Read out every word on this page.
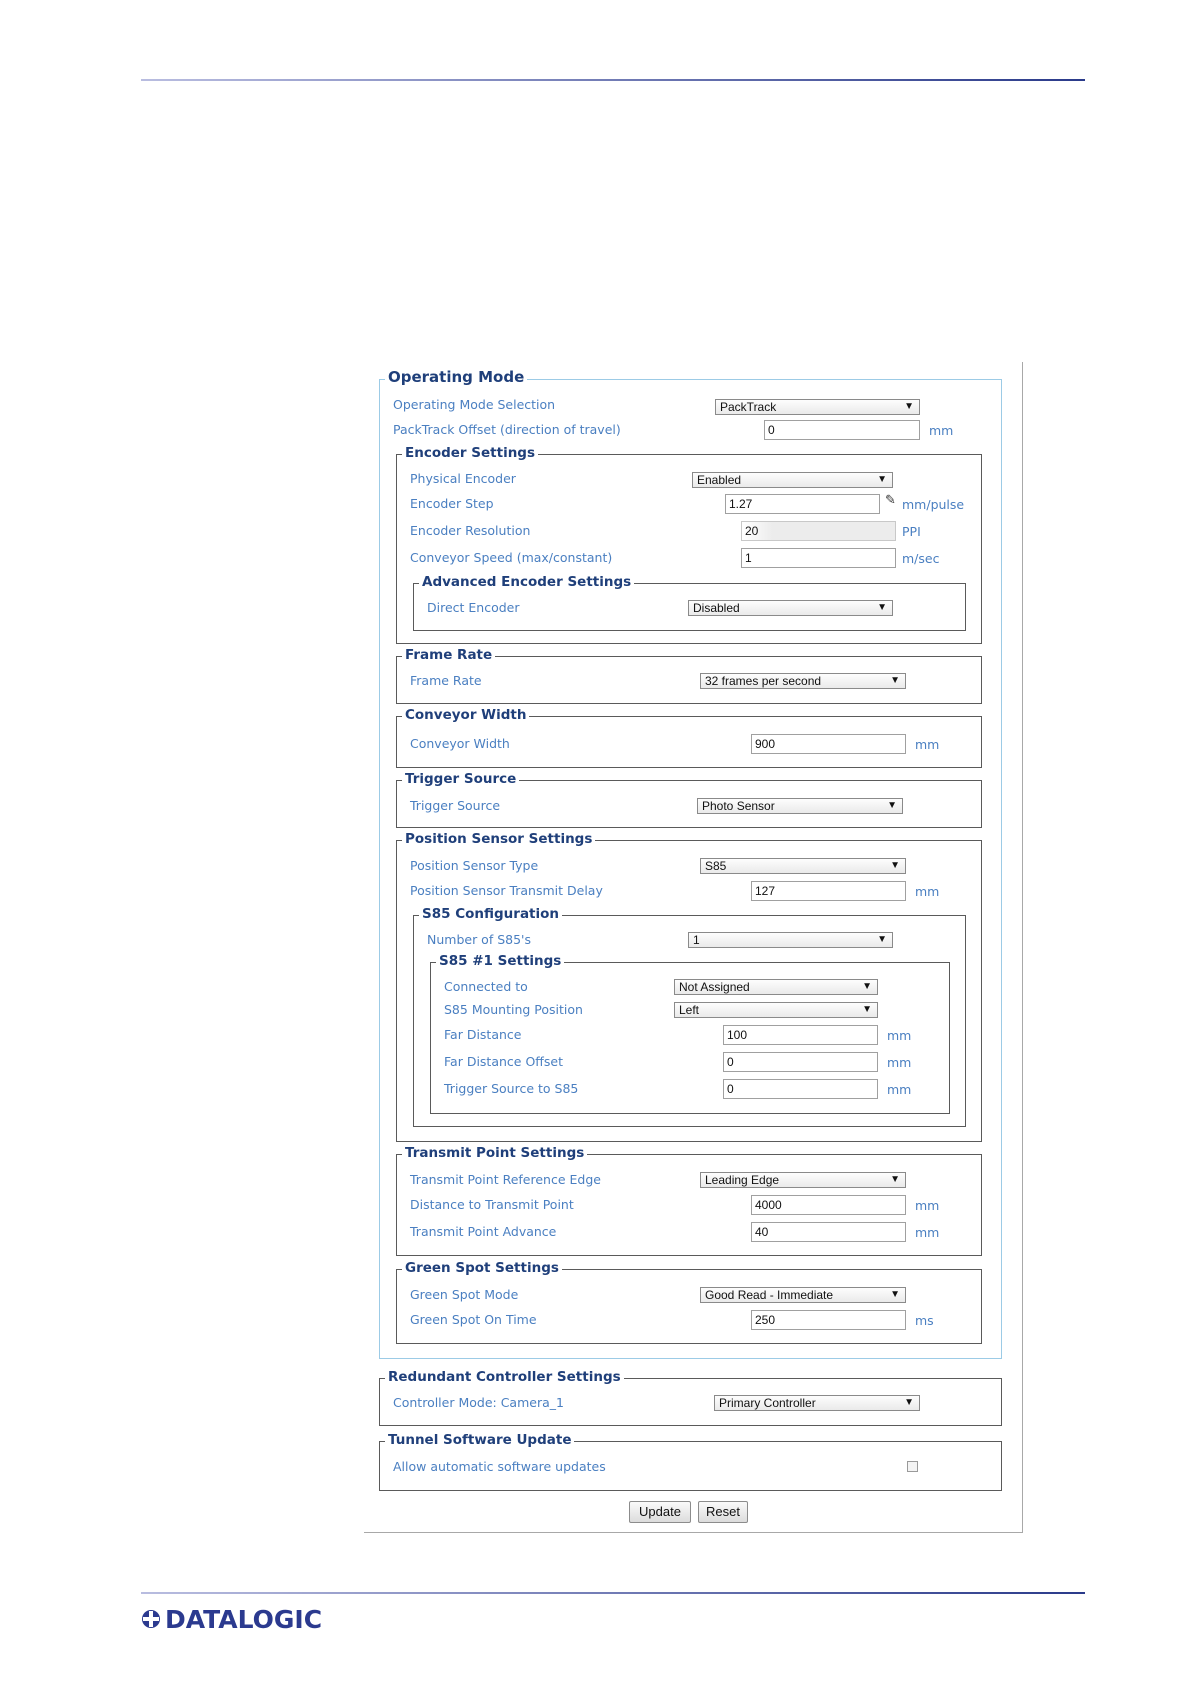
Operating Mode
Operating Mode Selection	PackTrack	▼
PackTrack Offset (direction of travel)	0	mm
Encoder Settings
Physical Encoder	Enabled	▼
Encoder Step	1.27	✎ mm/pulse
Encoder Resolution	20	PPI
Conveyor Speed (max/constant)	1	m/sec
Advanced Encoder Settings
Direct Encoder	Disabled	▼
Frame Rate
Frame Rate	32 frames per second	▼
Conveyor Width
Conveyor Width	900	mm
Trigger Source
Trigger Source	Photo Sensor	▼
Position Sensor Settings
Position Sensor Type	S85	▼
Position Sensor Transmit Delay	127	mm
S85 Configuration
Number of S85's	1	▼
S85 #1 Settings
Connected to	Not Assigned	▼
S85 Mounting Position	Left	▼
Far Distance	100	mm
Far Distance Offset	0	mm
Trigger Source to S85	0	mm
Transmit Point Settings
Transmit Point Reference Edge	Leading Edge	▼
Distance to Transmit Point	4000	mm
Transmit Point Advance	40	mm
Green Spot Settings
Green Spot Mode	Good Read - Immediate	▼
Green Spot On Time	250	ms
Redundant Controller Settings
Controller Mode: Camera_1	Primary Controller	▼
Tunnel Software Update
Allow automatic software updates
Update	Reset
DATALOGIC
